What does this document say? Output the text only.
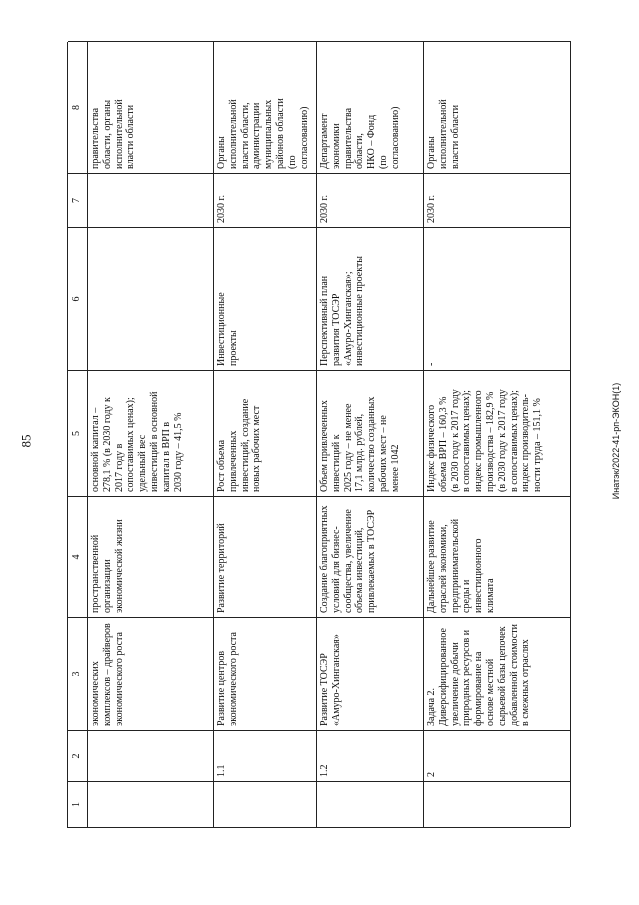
85
1
2
3
4
5
6
7
8
экономических
комплексов – драйверов
экономического роста
пространственной
организации
экономической жизни
основной капитал –
278,1 % (в 2030 году к
2017 году в
сопоставимых ценах);
удельный вес
инвестиций в основной
капитал в ВРП в
2030 году – 41,5 %
правительства
области, органы
исполнительной
власти области
1.1
Развитие центров
экономического роста
Развитие территорий
Рост объема
привлеченных
инвестиций, создание
новых рабочих мест
Инвестиционные
проекты
2030 г.
Органы
исполнительной
власти области,
администрации
муниципальных
районов области
(по
согласованию)
1.2
Развитие ТОСЭР
«Амуро-Хинганская»
Создание благоприятных
условий для бизнес-
сообщества, увеличение
объема инвестиций,
привлекаемых в ТОСЭР
Объем привлеченных
инвестиций к
2025 году – не менее
17,1 млрд. рублей,
количество созданных
рабочих мест – не
менее 1042
Перспективный план
развития ТОСЭР
«Амуро-Хинганская»;
инвестиционные проекты
2030 г.
Департамент
экономики
правительства
области,
НКО – Фонд
(по
согласованию)
2
Задача 2.
Диверсифицированное
увеличение добычи
природных ресурсов и
формирование на
основе местной
сырьевой базы цепочек
добавленной стоимости
в смежных отраслях
Дальнейшее развитие
отраслей экономики,
предпринимательской
среды и
инвестиционного
климата
Индекс физического
объема ВРП – 160,3 %
(в 2030 году к 2017 году
в сопоставимых ценах);
индекс промышленного
производства – 182,9 %
(в 2030 году к 2017 году
в сопоставимых ценах);
индекс производитель-
ности труда – 151,1 %
-
2030 г.
Органы
исполнительной
власти области
Инатэк/2022-41-рп-ЭКОН(1)
